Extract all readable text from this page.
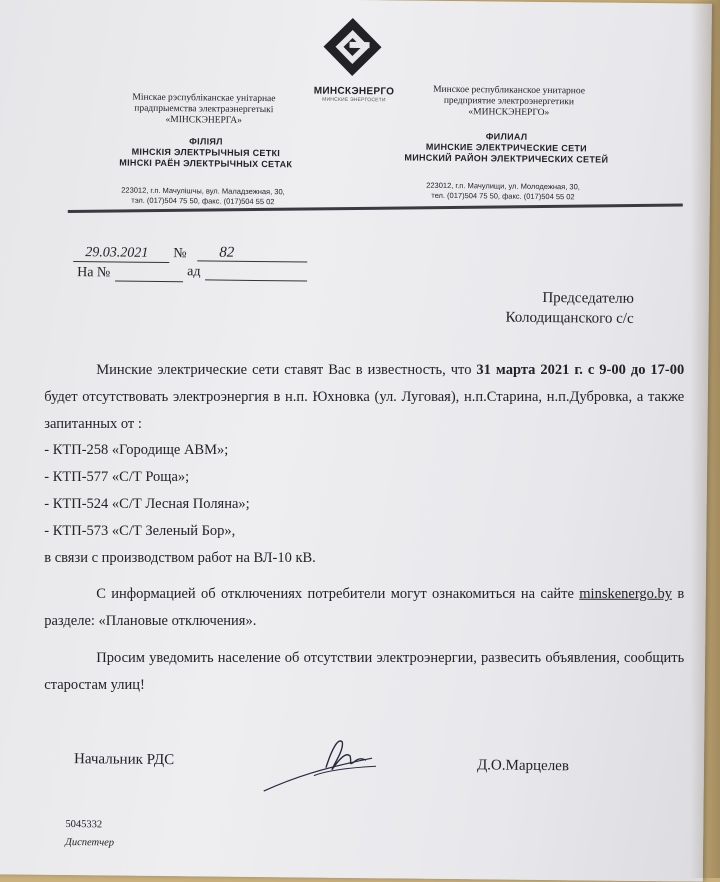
МИНСКЭНЕРГО
МИНСКИЕ ЭНЕРГОСЕТИ
Мінскае рэспубліканскае унітарнае
прадпрыемства электраэнергетыкі
«МІНСКЭНЕРГА»
Минское республиканское унитарное
предприятие электроэнергетики
«МИНСКЭНЕРГО»
ФІЛІЯЛ
МІНСКІЯ ЭЛЕКТРЫЧНЫЯ СЕТКІ
МІНСКІ РАЁН ЭЛЕКТРЫЧНЫХ СЕТАК
ФИЛИАЛ
МИНСКИЕ ЭЛЕКТРИЧЕСКИЕ СЕТИ
МИНСКИЙ РАЙОН ЭЛЕКТРИЧЕСКИХ СЕТЕЙ
223012, г.п. Мачулішчы, вул. Маладзежная, 30,
тэл. (017)504 75 50, факс. (017)504 55 02
223012, г.п. Мачулищи, ул. Молодежная, 30,
тел. (017)504 75 50, факс. (017)504 55 02
29.03.2021 № 82
На №	ад
Председателю
Колодищанского с/с

Минские электрические сети ставят Вас в известность, что 31 марта 2021 г. с 9-00 до 17-00 будет отсутствовать электроэнергия в н.п. Юхновка (ул. Луговая), н.п.Старина, н.п.Дубровка, а также запитанных от :

- КТП-258 «Городище АВМ»;

- КТП-577 «С/Т Роща»;

- КТП-524 «С/Т Лесная Поляна»;

- КТП-573 «С/Т Зеленый Бор»,

в связи с производством работ на ВЛ-10 кВ.

С информацией об отключениях потребители могут ознакомиться на сайте minskenergo.by в разделе: «Плановые отключения».

Просим уведомить население об отсутствии электроэнергии, развесить объявления, сообщить старостам улиц!

Начальник РДС	Д.О.Марцелев
5045332
Диспетчер
